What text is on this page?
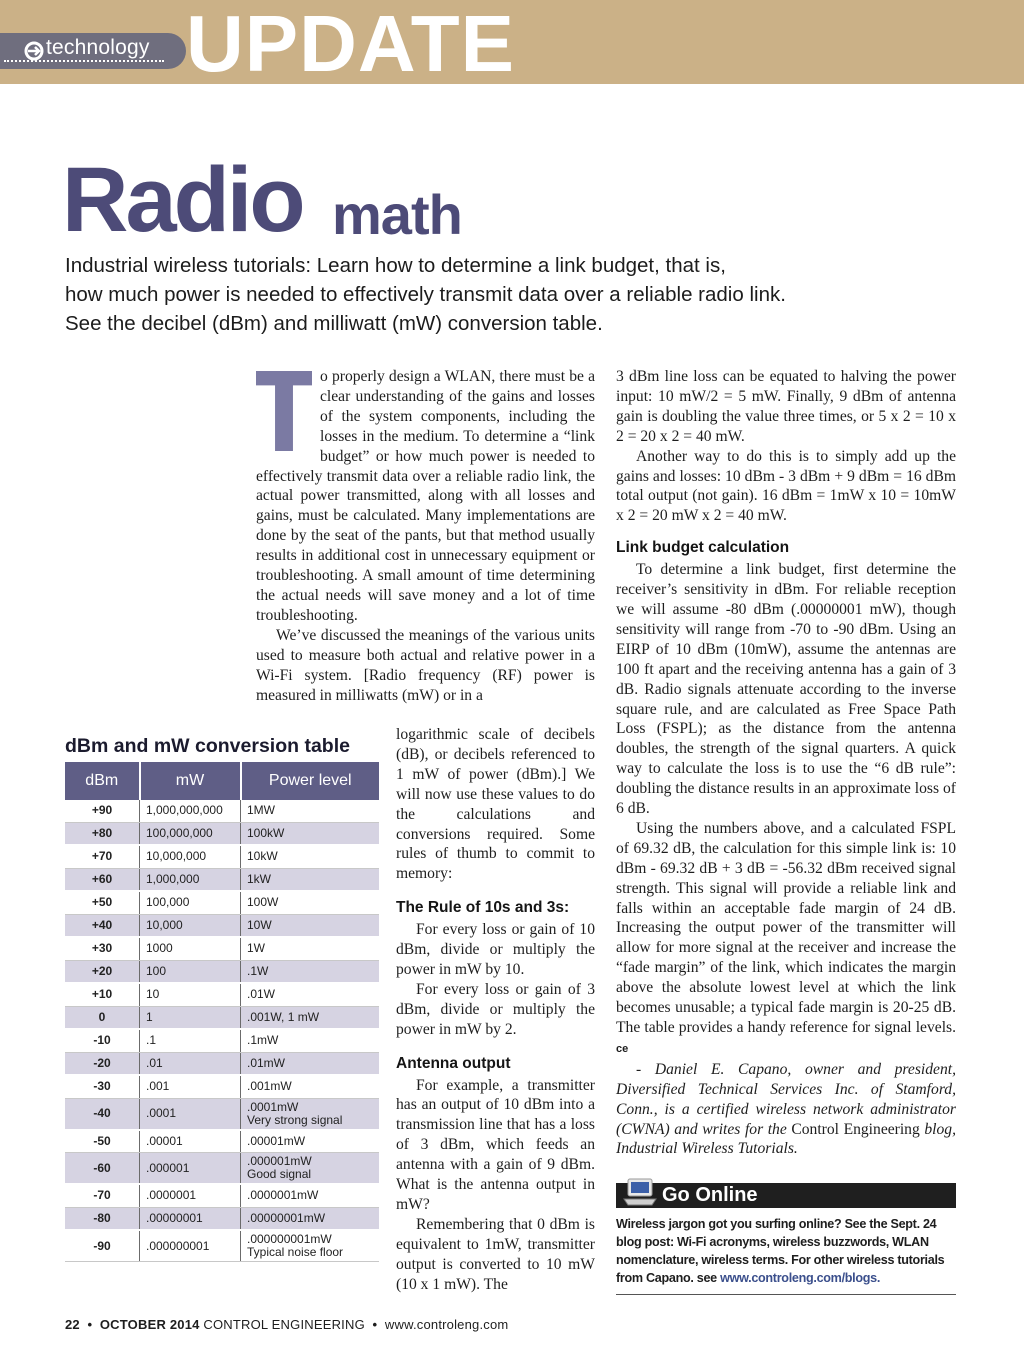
technology UPDATE
Radio math
Industrial wireless tutorials: Learn how to determine a link budget, that is,
how much power is needed to effectively transmit data over a reliable radio link.
See the decibel (dBm) and milliwatt (mW) conversion table.

o properly design a WLAN, there must be a clear understanding of the gains and losses of the system components, including the losses in the medium. To determine a “link budget” or how much power is needed to effectively transmit data over a reliable radio link, the actual power transmitted, along with all losses and gains, must be calculated. Many implementations are done by the seat of the pants, but that method usually results in additional cost in unnecessary equipment or troubleshooting. A small amount of time determining the actual needs will save money and a lot of time troubleshooting.

We’ve discussed the meanings of the various units used to measure both actual and relative power in a Wi-Fi system. [Radio frequency (RF) power is measured in milliwatts (mW) or in a

logarithmic scale of decibels (dB), or decibels referenced to 1 mW of power (dBm).] We will now use these values to do the calculations and conversions required. Some rules of thumb to commit to memory:

The Rule of 10s and 3s:

For every loss or gain of 10 dBm, divide or multiply the power in mW by 10.

For every loss or gain of 3 dBm, divide or multiply the power in mW by 2.

Antenna output

For example, a transmitter has an output of 10 dBm into a transmission line that has a loss of 3 dBm, which feeds an antenna with a gain of 9 dBm. What is the antenna output in mW?

Remembering that 0 dBm is equivalent to 1mW, transmitter output is converted to 10 mW (10 x 1 mW). The

3 dBm line loss can be equated to halving the power input: 10 mW/2 = 5 mW. Finally, 9 dBm of antenna gain is doubling the value three times, or 5 x 2 = 10 x 2 = 20 x 2 = 40 mW.

Another way to do this is to simply add up the gains and losses: 10 dBm - 3 dBm + 9 dBm = 16 dBm total output (not gain). 16 dBm = 1mW x 10 = 10mW x 2 = 20 mW x 2 = 40 mW.

Link budget calculation

To determine a link budget, first determine the receiver’s sensitivity in dBm. For reliable reception we will assume -80 dBm (.00000001 mW), though sensitivity will range from -70 to -90 dBm. Using an EIRP of 10 dBm (10mW), assume the antennas are 100 ft apart and the receiving antenna has a gain of 3 dB. Radio signals attenuate according to the inverse square rule, and are calculated as Free Space Path Loss (FSPL); as the distance from the antenna doubles, the strength of the signal quarters. A quick way to calculate the loss is to use the “6 dB rule”: doubling the distance results in an approximate loss of 6 dB.

Using the numbers above, and a calculated FSPL of 69.32 dB, the calculation for this simple link is: 10 dBm - 69.32 dB + 3 dB = -56.32 dBm received signal strength. This signal will provide a reliable link and falls within an acceptable fade margin of 24 dB. Increasing the output power of the transmitter will allow for more signal at the receiver and increase the “fade margin” of the link, which indicates the margin above the absolute lowest level at which the link becomes unusable; a typical fade margin is 20-25 dB. The table provides a handy reference for signal levels. ce

- Daniel E. Capano, owner and president, Diversified Technical Services Inc. of Stamford, Conn., is a certified wireless network administrator (CWNA) and writes for the Control Engineering blog, Industrial Wireless Tutorials.

dBm and mW conversion table
dBm	mW	Power level
+90	1,000,000,000	1MW
+80	100,000,000	100kW
+70	10,000,000	10kW
+60	1,000,000	1kW
+50	100,000	100W
+40	10,000	10W
+30	1000	1W
+20	100	.1W
+10	10	.01W
0	1	.001W, 1 mW
-10	.1	.1mW
-20	.01	.01mW
-30	.001	.001mW
-40	.0001	.0001mW
Very strong signal

-50	.00001	.00001mW
-60	.000001	.000001mW
Good signal

-70	.0000001	.0000001mW
-80	.00000001	.00000001mW
-90	.000000001	.000000001mW
Typical noise floor
Go Online
Wireless jargon got you surfing online? See the Sept. 24 blog post: Wi-Fi acronyms, wireless buzzwords, WLAN nomenclature, wireless terms. For other wireless tutorials from Capano. see www.controleng.com/blogs.
22  •  OCTOBER 2014 CONTROL ENGINEERING  •  www.controleng.com
